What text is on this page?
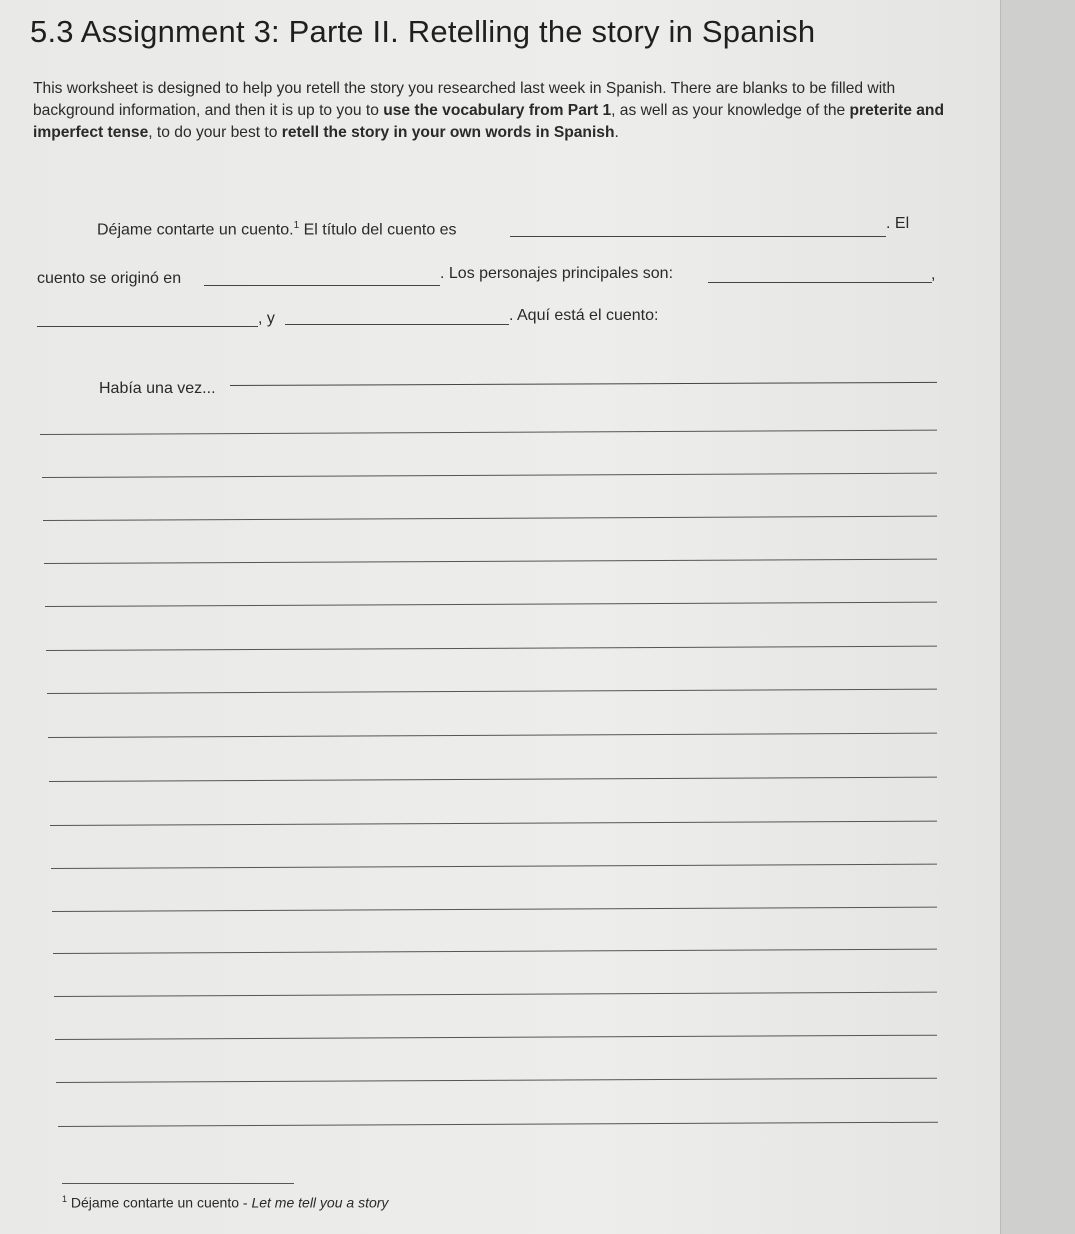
5.3 Assignment 3: Parte II. Retelling the story in Spanish

This worksheet is designed to help you retell the story you researched last week in Spanish. There are blanks to be filled with background information, and then it is up to you to use the vocabulary from Part 1, as well as your knowledge of the preterite and imperfect tense, to do your best to retell the story in your own words in Spanish.

Déjame contarte un cuento.$^1$ El título del cuento es	. El
cuento se originó en	. Los personajes principales son:	,
, y	. Aquí está el cuento:
Había una vez...
$^1$ Déjame contarte un cuento - Let me tell you a story
